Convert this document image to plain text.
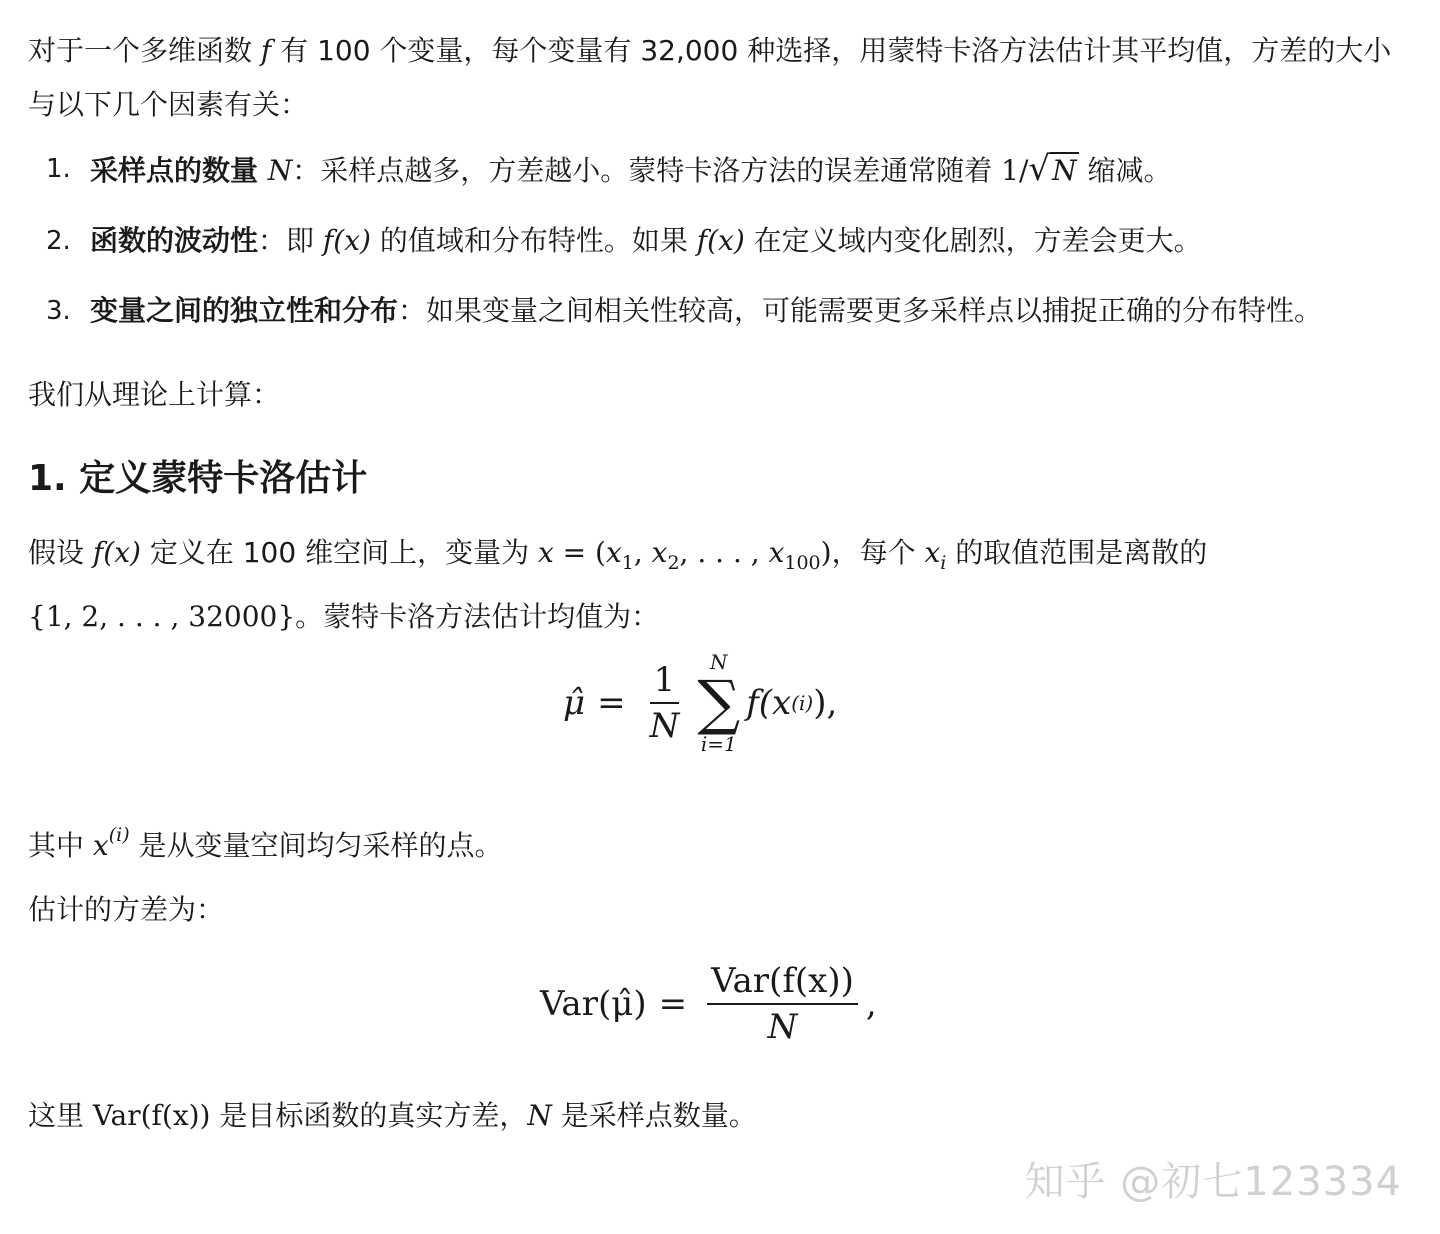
对于一个多维函数 f 有 100 个变量，每个变量有 32,000 种选择，用蒙特卡洛方法估计其平均值，方差的大小与以下几个因素有关：

1. 采样点的数量 N：采样点越多，方差越小。蒙特卡洛方法的误差通常随着 1/√N 缩减。
2. 函数的波动性：即 f(x) 的值域和分布特性。如果 f(x) 在定义域内变化剧烈，方差会更大。
3. 变量之间的独立性和分布：如果变量之间相关性较高，可能需要更多采样点以捕捉正确的分布特性。

我们从理论上计算：

1. 定义蒙特卡洛估计

假设 f(x) 定义在 100 维空间上，变量为 $x = (x_1$, $x_2$, . . . , $x_{100}$)，每个 $x_i$ 的取值范围是离散的
{1, 2, . . . , 32000}。蒙特卡洛方法估计均值为：

μ̂ = $\frac{1}{N}$ N
∑
i=1
f(x (i) ),

其中 $x^{(i)}$ 是从变量空间均匀采样的点。

估计的方差为：

Var(μ̂) = $\frac{\text{Var(f(x))}}{N}$ ,

这里 Var(f(x)) 是目标函数的真实方差，N 是采样点数量。

知乎 @初七123334
